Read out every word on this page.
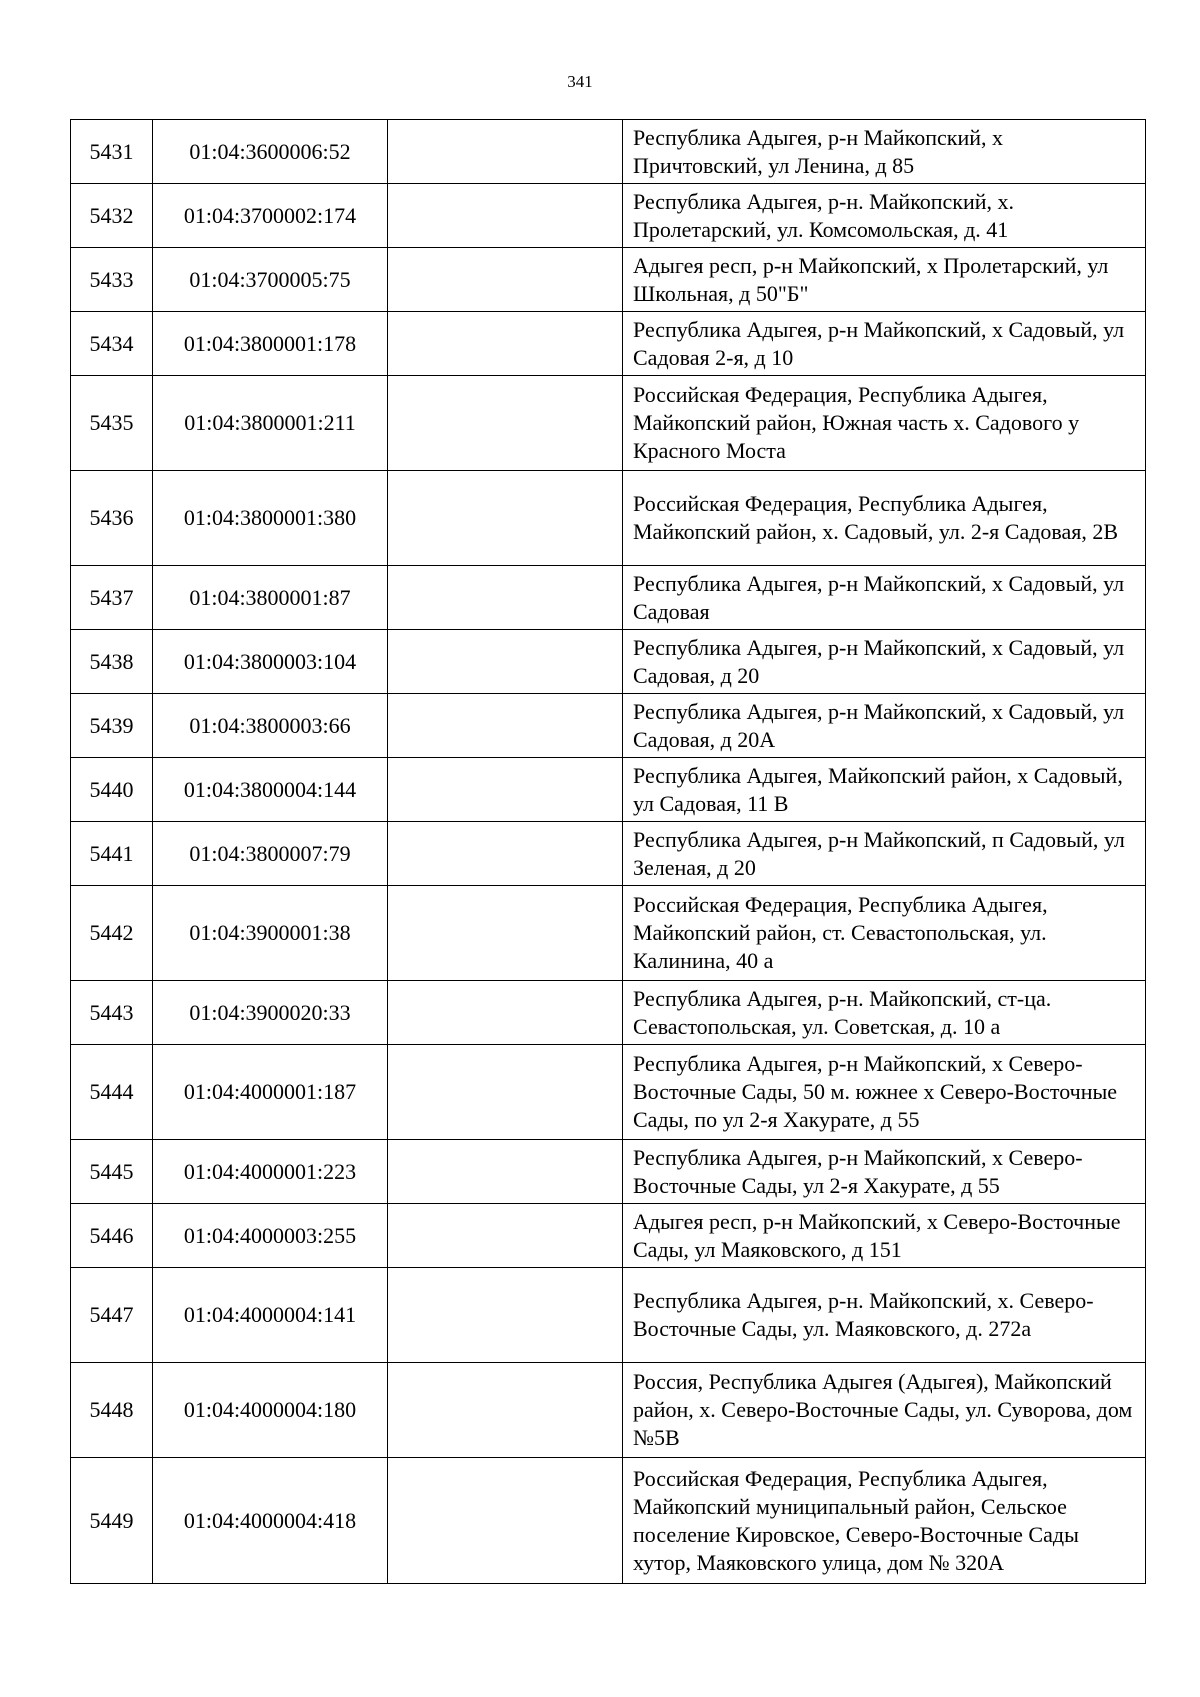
341
5431	01:04:3600006:52		Республика Адыгея, р-н Майкопский, х Причтовский, ул Ленина, д 85
5432	01:04:3700002:174		Республика Адыгея, р-н. Майкопский, х. Пролетарский, ул. Комсомольская, д. 41
5433	01:04:3700005:75		Адыгея респ, р-н Майкопский, х Пролетарский, ул Школьная, д 50"Б"
5434	01:04:3800001:178		Республика Адыгея, р-н Майкопский, х Садовый, ул Садовая 2-я, д 10
5435	01:04:3800001:211		Российская Федерация, Республика Адыгея, Майкопский район, Южная часть х. Садового у Красного Моста
5436	01:04:3800001:380		Российская Федерация, Республика Адыгея, Майкопский район, х. Садовый, ул. 2-я Садовая, 2В
5437	01:04:3800001:87		Республика Адыгея, р-н Майкопский, х Садовый, ул Садовая
5438	01:04:3800003:104		Республика Адыгея, р-н Майкопский, х Садовый, ул Садовая, д 20
5439	01:04:3800003:66		Республика Адыгея, р-н Майкопский, х Садовый, ул Садовая, д 20А
5440	01:04:3800004:144		Республика Адыгея, Майкопский район, х Садовый, ул Садовая, 11 В
5441	01:04:3800007:79		Республика Адыгея, р-н Майкопский, п Садовый, ул Зеленая, д 20
5442	01:04:3900001:38		Российская Федерация, Республика Адыгея, Майкопский район, ст. Севастопольская, ул. Калинина, 40 а
5443	01:04:3900020:33		Республика Адыгея, р-н. Майкопский, ст-ца. Севастопольская, ул. Советская, д. 10 а
5444	01:04:4000001:187		Республика Адыгея, р-н Майкопский, х Северо-Восточные Сады, 50 м. южнее х Северо-Восточные Сады, по ул 2-я Хакурате, д 55
5445	01:04:4000001:223		Республика Адыгея, р-н Майкопский, х Северо-Восточные Сады, ул 2-я Хакурате, д 55
5446	01:04:4000003:255		Адыгея респ, р-н Майкопский, х Северо-Восточные Сады, ул Маяковского, д 151
5447	01:04:4000004:141		Республика Адыгея, р-н. Майкопский, х. Северо-Восточные Сады, ул. Маяковского, д. 272а
5448	01:04:4000004:180		Россия, Республика Адыгея (Адыгея), Майкопский район, х. Северо-Восточные Сады, ул. Суворова, дом №5В
5449	01:04:4000004:418		Российская Федерация, Республика Адыгея, Майкопский муниципальный район, Сельское поселение Кировское, Северо-Восточные Сады хутор, Маяковского улица, дом № 320А
